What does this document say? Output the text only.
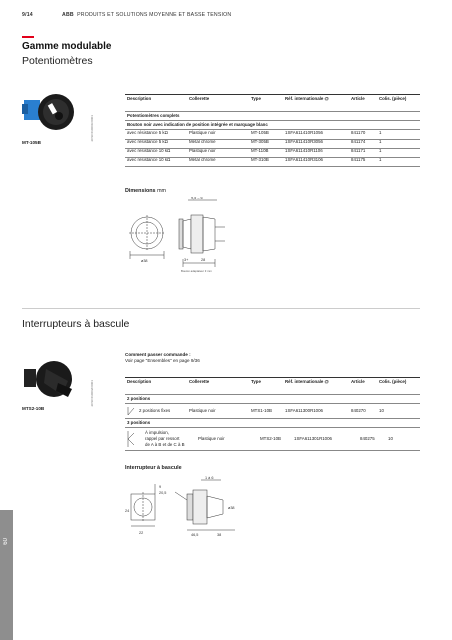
9/14	ABB PRODUITS ET SOLUTIONS MOYENNE ET BASSE TENSION
Gamme modulable
Potentiomètres
2CSC610001F0001
MT-105B
Description	Collerette	Type	Réf. internationale @	Article	Colis. (pièce)
Potentiomètres complets
Bouton noir avec indication de position intégrée et marquage blanc
avec résistance 5 kΩ	Plastique noir	MT-105B	1SFA611410R1056	841170	1
avec résistance 5 kΩ	Métal chromé	MT-305B	1SFA611410R3056	841174	1
avec résistance 10 kΩ	Plastique noir	MT-110B	1SFA611410R1106	841171	1
avec résistance 10 kΩ	Métal chromé	MT-310B	1SFA611410R3106	841175	1
Dimensions mm
9,5 – 6
ø38	3+	28
Bouton adaptateur 3 mm
Interrupteurs à bascule
2CSC610002F0001
MTS2-10B
Comment passer commande :
Voir page "Ensembles" en page 9/36
Description	Collerette	Type	Réf. internationale @	Article	Colis. (pièce)
2 positions
2 positions fixes	Plastique noir	MTS1-10B	1SFA611300R1006	840270	10
3 positions
À impulsion,
rappel par ressort
de A à B et de C à B
Plastique noir	MTS2-10B	1SFA611301R1006	840275	10
Interrupteur à bascule
1 à 6
9
20,5
24
ø38
22	46,5	38
60
